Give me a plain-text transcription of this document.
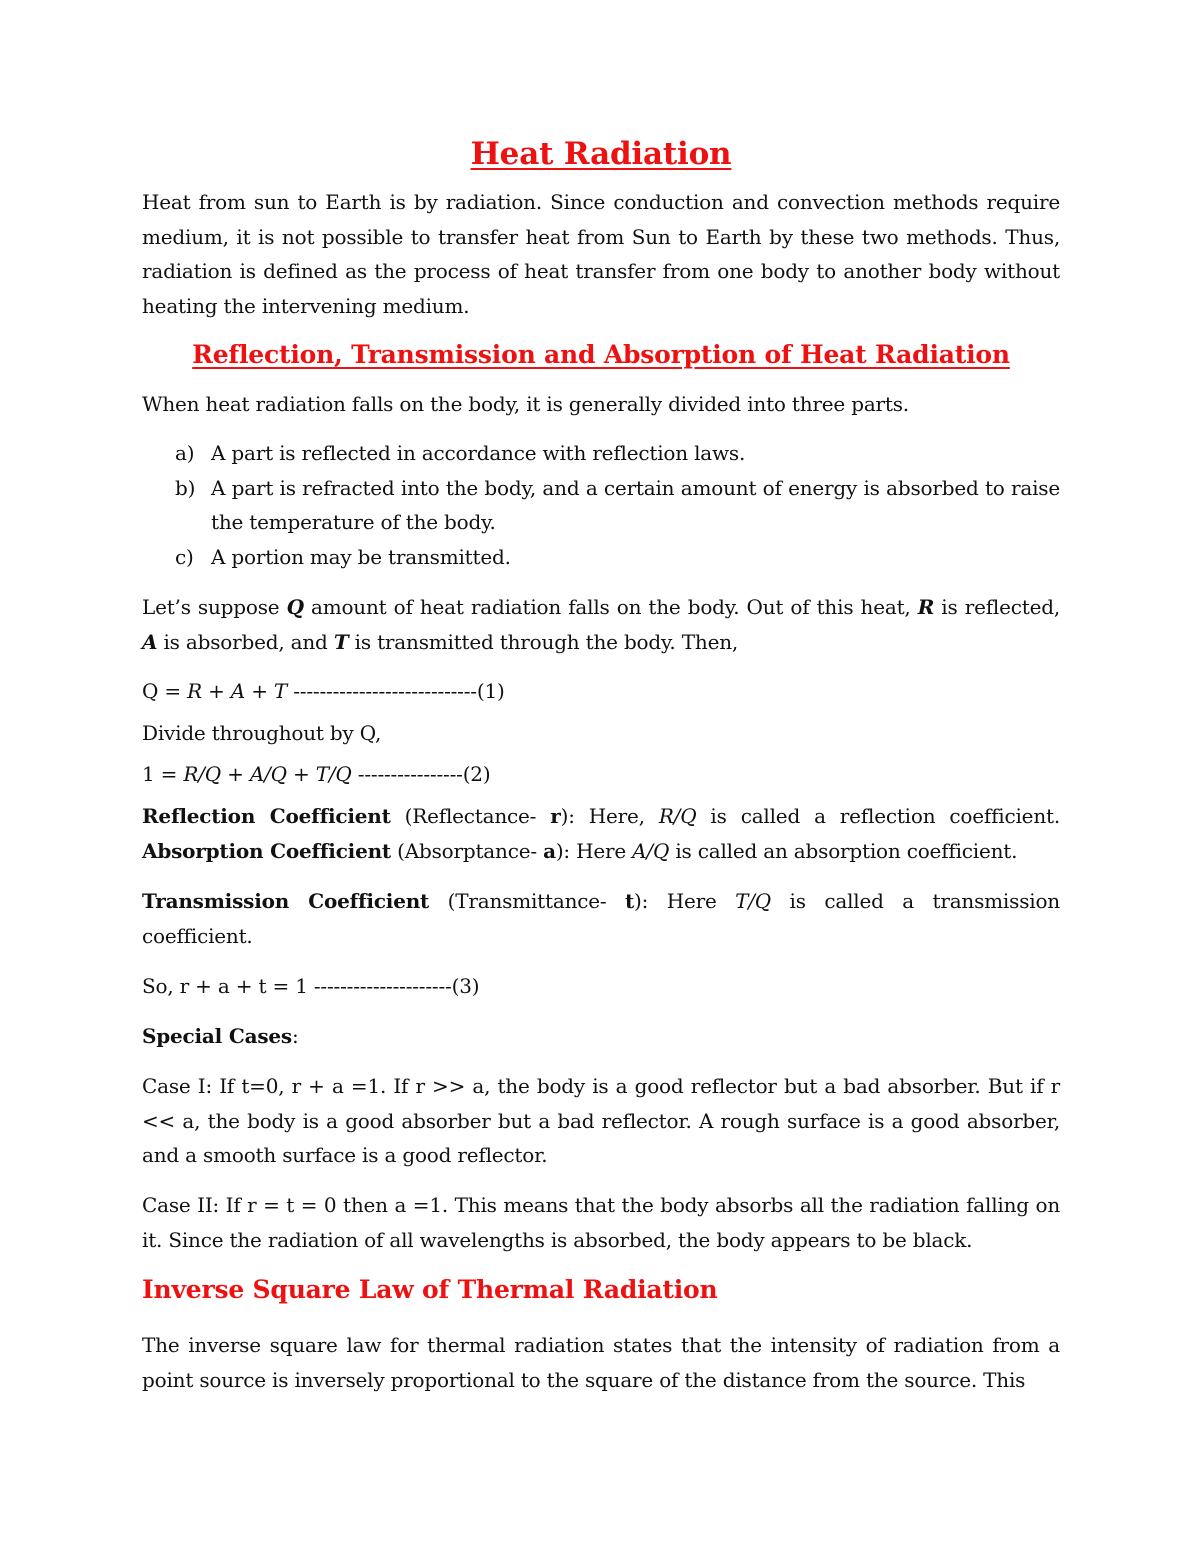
Heat Radiation

Heat from sun to Earth is by radiation. Since conduction and convection methods require medium, it is not possible to transfer heat from Sun to Earth by these two methods. Thus, radiation is defined as the process of heat transfer from one body to another body without heating the intervening medium.

Reflection, Transmission and Absorption of Heat Radiation
When heat radiation falls on the body, it is generally divided into three parts.
a) A part is reflected in accordance with reflection laws.
b) A part is refracted into the body, and a certain amount of energy is absorbed to raise the temperature of the body.
c) A portion may be transmitted.

Let’s suppose Q amount of heat radiation falls on the body. Out of this heat, R is reflected, A is absorbed, and T is transmitted through the body. Then,

Q = R + A + T ----------------------------(1)
Divide throughout by Q,
1 = R/Q + A/Q + T/Q ----------------(2)

Reflection Coefficient (Reflectance- r): Here, R/Q is called a reflection coefficient. Absorption Coefficient (Absorptance- a): Here A/Q is called an absorption coefficient.

Transmission Coefficient (Transmittance- t): Here T/Q is called a transmission coefficient.

So, r + a + t = 1 ---------------------(3)
Special Cases:

Case I: If t=0, r + a =1. If r >> a, the body is a good reflector but a bad absorber. But if r << a, the body is a good absorber but a bad reflector. A rough surface is a good absorber, and a smooth surface is a good reflector.

Case II: If r = t = 0 then a =1. This means that the body absorbs all the radiation falling on it. Since the radiation of all wavelengths is absorbed, the body appears to be black.

Inverse Square Law of Thermal Radiation

The inverse square law for thermal radiation states that the intensity of radiation from a point source is inversely proportional to the square of the distance from the source. This
